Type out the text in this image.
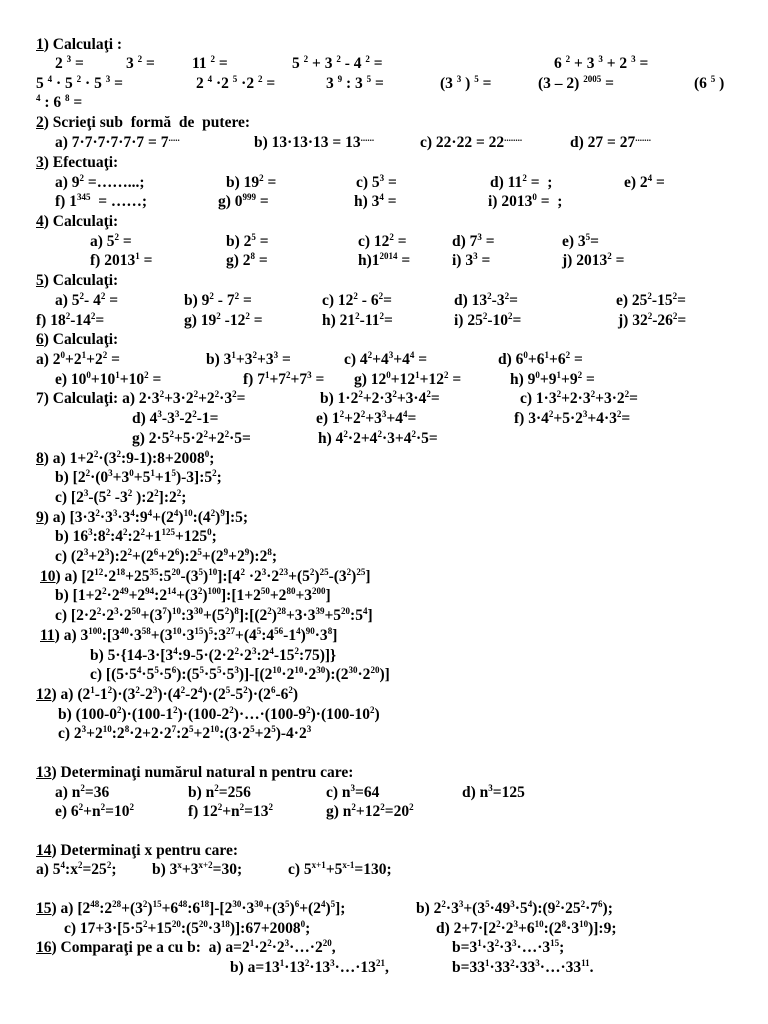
1) Calculaţi :
2 $^3$ =	3 $^2$ = 11 $^2$ =	5 $^2$ + 3 $^2$ - 4 $^2$ =	6 $^2$ + 3 $^3$ + 2 $^3$ =
5 $^4$ · 5 $^2$ · 5 $^3$ =	2 $^4$ ·2 $^5$ ·2 $^2$ =	3 $^9$ : 3 $^5$ =	(3 $^3$ ) $^5$ =	(3 – 2) $^{2005}$ =	(6 $^5$ )
$^4$ : 6 $^8$ =
2) Scrieţi sub  formă  de  putere:
a) 7·7·7·7·7·7 = 7.....	b) 13·13·13 = 13......	c) 22·22 = 22........	d) 27 = 27.......
3) Efectuaţi:
a) $9^2$ =……...;	b) $19^2$ =	c) $5^3$ =	d) $11^2$ =  ;	e) $2^4$ =
f) $1^{345}$  = ……;	g) $0^{999}$ =	h) $3^4$ =	i) $2013^0$ =  ;
4) Calculaţi:
a) $5^2$ =	b) $2^5$ =	c) $12^2$ =	d) $7^3$ =	e) $3^5=$
f) $2013^1$ =	g) $2^8$ =	$h)1^{2014}$ =	i) $3^3$ =	j) $2013^2$ =
5) Calculaţi:
a) $5^2-$ $4^2$ =	b) $9^2 - 7^2$ =	c) $12^2 - 6^2=$	d) $13^2-3^2=$	e) $25^2-15^2=$
f) $18^2-14^2=$	g) $19^2$ $-12^2$ =	h) $21^2-11^2=$	i) $25^2-10^2=$	j) $32^2-26^2=$
6) Calculaţi:
a) $2^0+2^1+2^2$ =	b) $3^1+3^2+3^3$ =	c) $4^2+4^3+4^4$ =	d) $6^0+6^1+6^2$ =
e) $10^0+10^1+10^2$ =	f) $7^1+7^2+7^3 = g$) $12^0+12^1+12^2$ =	h) $9^0+9^1+9^2$ =
7) Calculaţi: a) $2\cdot 3^2+3\cdot 2^2+2^2\cdot 3^2=$	b) $1\cdot 2^2+2\cdot 3^2+3\cdot 4^2=$	c) $1\cdot 3^2+2\cdot 3^2+3\cdot 2^2=$
d) $4^3-3^3-2^2-1=$	e) $1^2+2^2+3^3+4^4=$	f) $3\cdot 4^2+5\cdot 2^3+4\cdot 3^2=$
g) $2\cdot 5^2+5\cdot 2^2+2^2\cdot 5=$	h) $4^2\cdot 2+4^2\cdot 3+4^2\cdot 5=$
8) a) $1+2^2\cdot(3^2:9-1):8+2008^0$;
b) $[2^2\cdot(0^3+3^0+5^1+1^5)-3]:5^2$;
c) [$2^3-(5^2$ $-3^2$ )$:2^2]:2^2$;
9) a) $[3\cdot 3^2\cdot 3^3\cdot 3^4:9^4+(2^4)^{10}:(4^2)^9]:5$;
b) $16^3:8^2:4^2:2^2+1^{125}+125^0$;
c) $(2^3+2^3):2^2+(2^6+2^6):2^5+(2^9+2^9):2^8$;
10) a) $[2^{12}\cdot 2^{18}+25^{35}:5^{20}-(3^5)^{10}]:[4^2 \cdot 2^3\cdot 2^{23}+(5^2)^{25}-(3^2)^{25}]$
b) $[1+2^2\cdot 2^{49}+2^{94}:2^{14}+(3^2)^{100}]:[1+2^{50}+2^{80}+3^{200}]$
c) $[2\cdot 2^2\cdot 2^3\cdot 2^{50}+(3^7)^{10}:3^{30}+(5^2)^8]:[(2^2)^{28}+3\cdot 3^{39}+5^{20}:5^4]$
11) a) $3^{100}:[3^{40}\cdot 3^{58}+(3^{10}\cdot 3^{15})^5:3^{27}+(4^5:4^{56}-1^4)^{90}\cdot 3^8]$
b) $5\cdot\{14-3\cdot[3^4:9-5\cdot(2\cdot 2^2\cdot 2^3:2^4-15^2:75)]\}$
c) $[(5\cdot 5^4\cdot 5^5\cdot 5^6):(5^5\cdot 5^5\cdot 5^3)]-[(2^{10}\cdot 2^{10}\cdot 2^{30}):(2^{30}\cdot 2^{20})]$
12) a) $(2^1-1^2)\cdot(3^2-2^3)\cdot(4^2-2^4)\cdot(2^5-5^2)\cdot(2^6-6^2)$
b) $(100-0^2)\cdot(100-1^2)\cdot(100-2^2)\cdot\dots\cdot(100-9^2)\cdot(100-10^2)$
c) $2^3+2^{10}:2^8\cdot 2+2\cdot 2^7:2^5+2^{10}:(3\cdot 2^5+2^5)-4\cdot 2^3$
13) Determinaţi numărul natural n pentru care:
a) $n^2=36$	b) $n^2=256$	c) $n^3=64$	d) $n^3=125$
e) $6^2+n^2=10^2$	f) $12^2+n^2=13^2$	g) $n^2+12^2=20^2$
14) Determinaţi x pentru care:
a) $5^4:x^2=25^2$; b) $3^x+3^{x+2}=30$;	c) $5^{x+1}+5^{x-1}=130$;
15) a) $[2^{48}:2^{28}+(3^2)^{15}+6^{48}:6^{18}]-[2^{30}\cdot 3^{30}+(3^5)^6+(2^4)^5]$;	b) $2^2\cdot 3^3+(3^5\cdot 49^3\cdot 5^4):(9^2\cdot 25^2\cdot 7^6)$;
c) $17+3\cdot[5\cdot 5^2+15^{20}:(5^{20}\cdot 3^{18})]:67+2008^0$;	d) $2+7\cdot[2^2\cdot 2^3+6^{10}:(2^8\cdot 3^{10})]:9$;
16) Comparaţi pe a cu b:  a) $a=2^1\cdot 2^2\cdot 2^3\cdot\dots\cdot 2^{20}$,	$b=3^1\cdot 3^2\cdot 3^3\cdot\dots\cdot 3^{15}$;
b) $a=13^1\cdot 13^2\cdot 13^3\cdot\dots\cdot 13^{21}$,	$b=33^1\cdot 33^2\cdot 33^3\cdot\dots\cdot 33^{11}$.
